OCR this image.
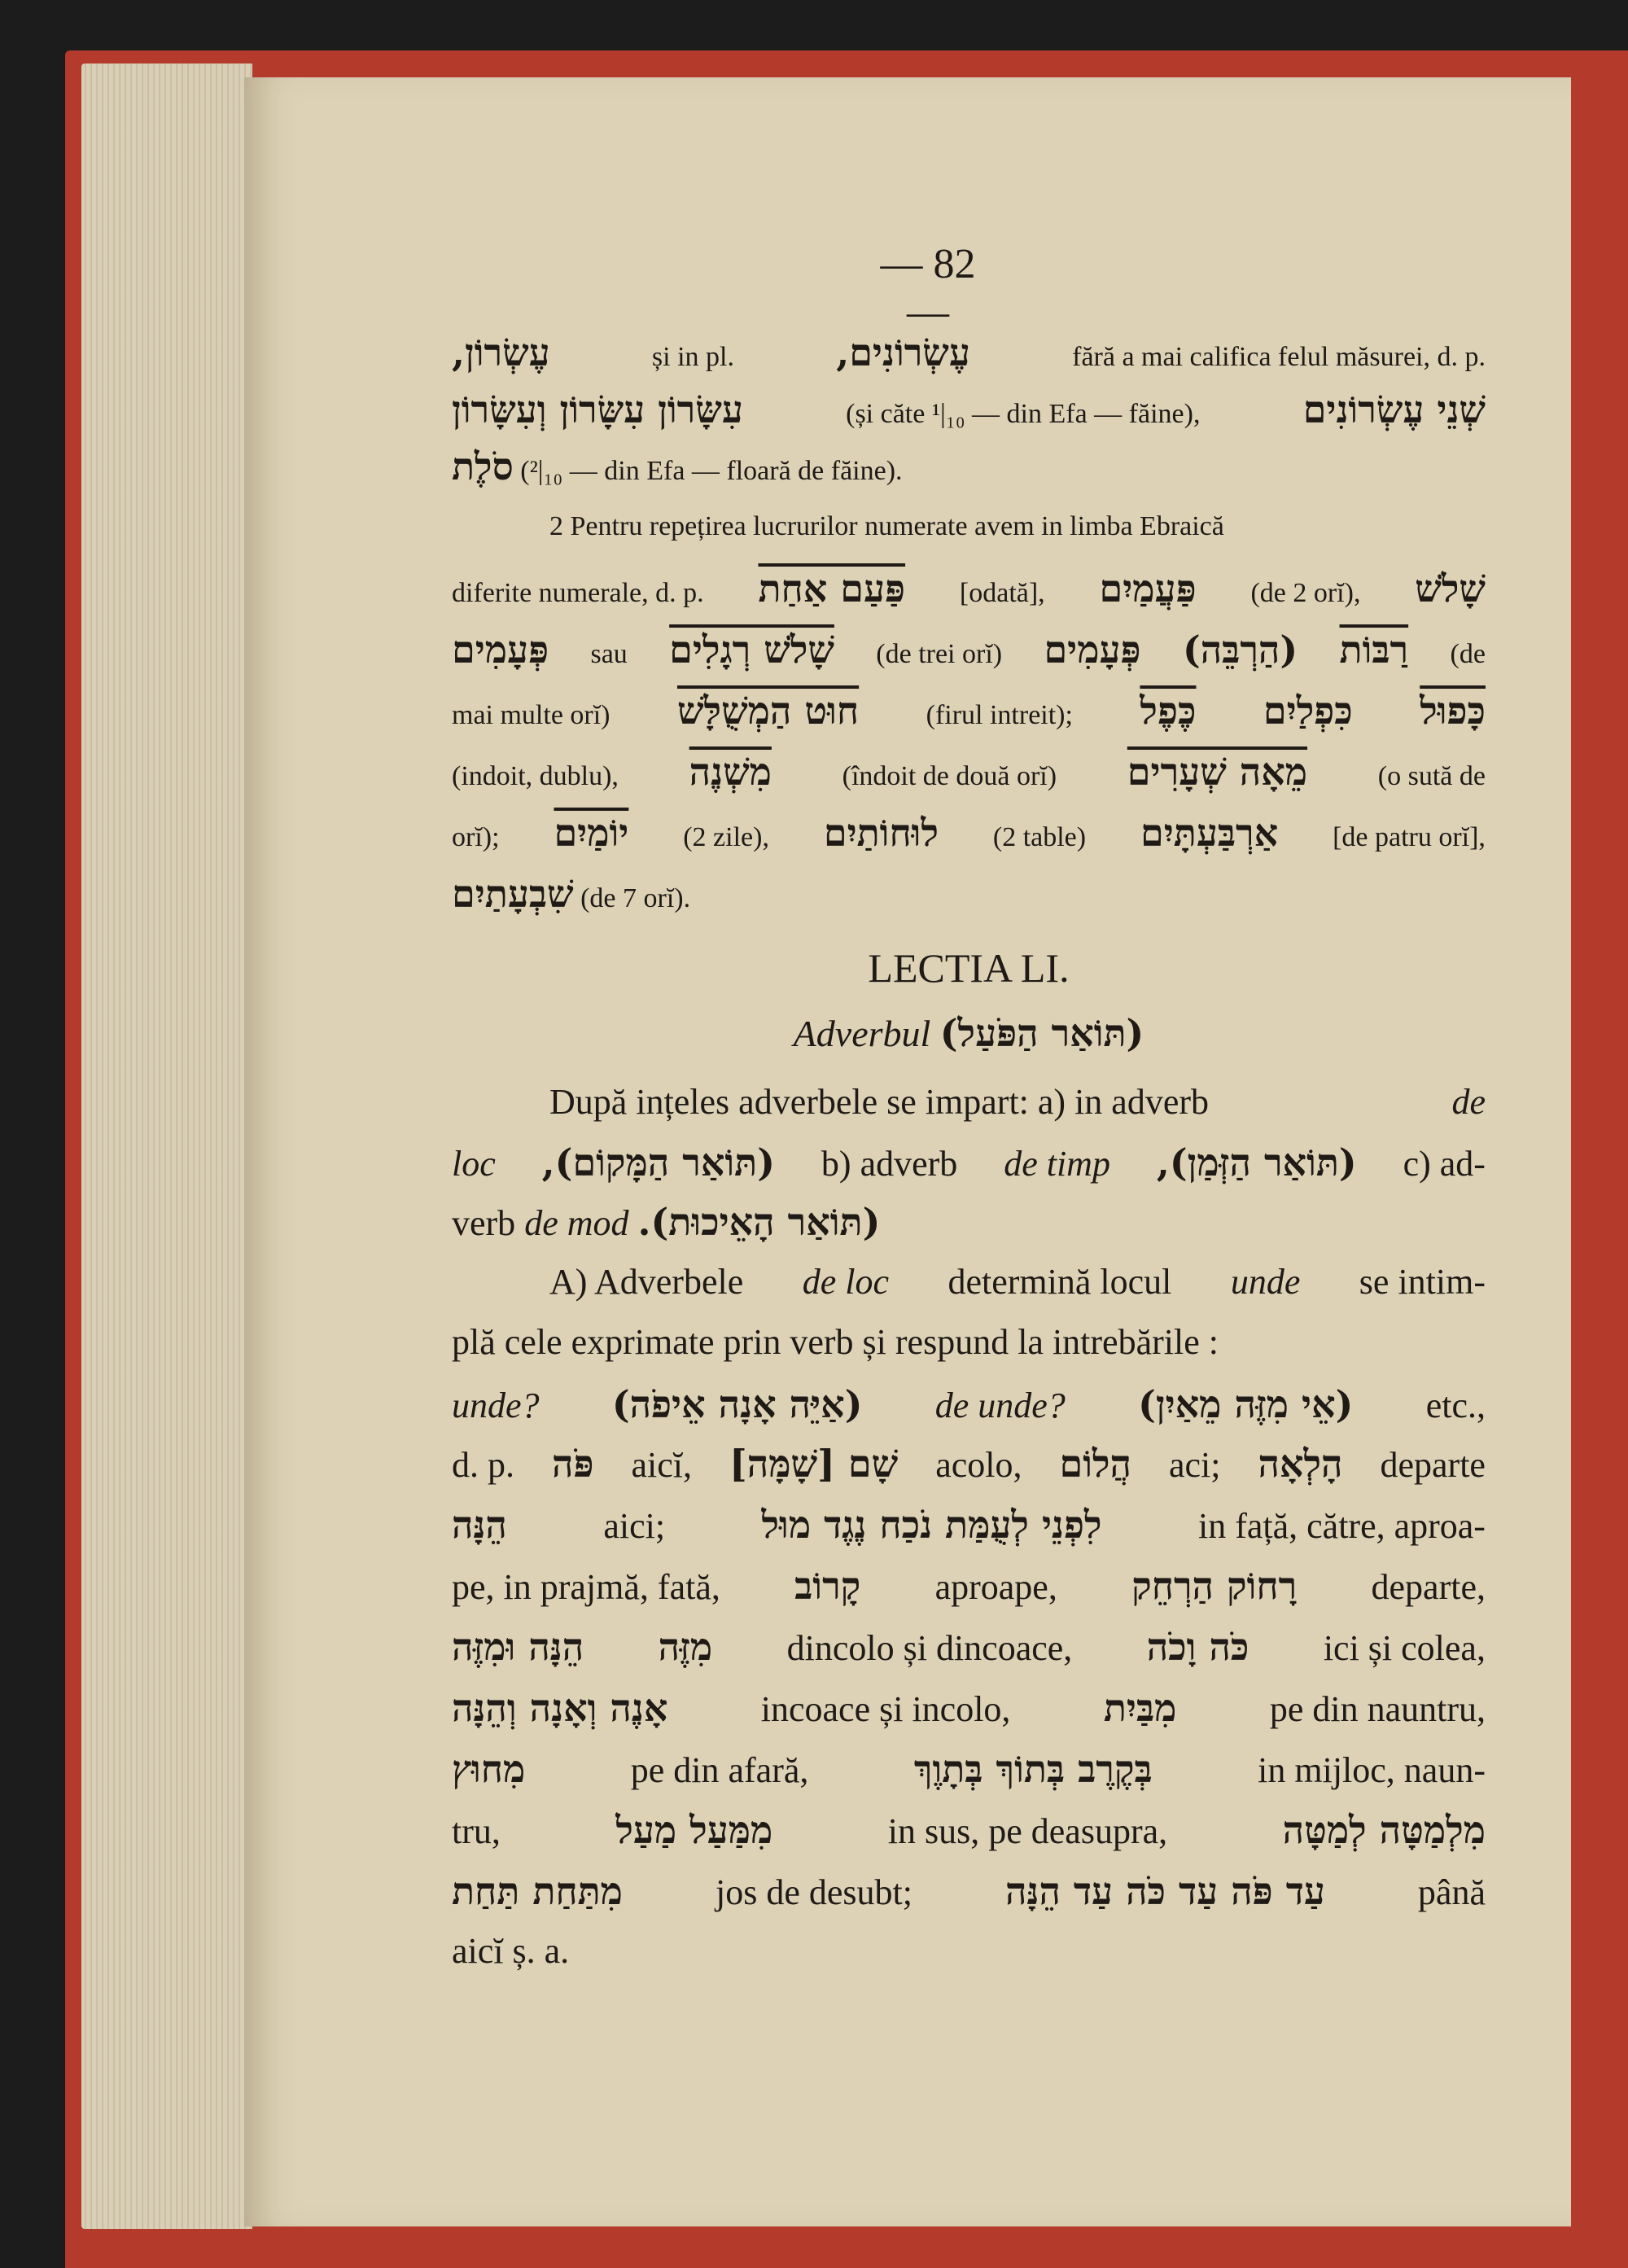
— 82 —
עֶשְׂרוֹן,	și in pl.	עֶשְׂרוֹנִים,	fără a mai califica felul măsurei, d. p.
עִשָּׂרוֹן עִשָּׂרוֹן וְעִשָּׂרוֹן	(și căte ¹|₁₀ — din Efa — făine),	שְׁנֵי עֶשְׂרוֹנִים
סֹלֶת (²|₁₀ — din Efa — floară de făine).
2 Pentru repețirea lucrurilor numerate avem in limba Ebraică
diferite numerale, d. p. פַּעַם אַחַת [odată], פַּעֲמַיִם (de 2 orĭ), שָׁלֹשׁ
פְּעָמִים sau שָׁלֹשׁ רְגָלִים (de trei orĭ) פְּעָמִים (הַרְבֵּה) רַבּוֹת (de
mai multe orĭ) חוּט הַמְשֻׁלָּשׁ (firul intreit); כֶּפֶל כִּפְלַיִם כָּפוּל
(indoit, dublu), מִשְׁנֶה	(îndoit de două orĭ) מֵאָה שְׁעָרִים	(o sută de
orĭ); יוֹמַיִם (2 zile), לוּחוֹתַיִם (2 table) אַרְבַּעְתָּיִם [de patru orĭ],
שִׁבְעָתַיִם (de 7 orĭ).
LECTIA LI.
Adverbul (תּוֹאַר הַפֹּעַל)
După ințeles adverbele se impart: a) in adverb	de
loc (תּוֹאַר הַמָּקוֹם), b) adverb de timp (תּוֹאַר הַזְּמַן), c) ad-
verb de mod (תּוֹאַר הָאֵיכוּת).
A) Adverbele de loc determină locul unde se intim-
plă cele exprimate prin verb și respund la intrebările :
unde? (אַיֵּה אָנָה אֵיפֹה) de unde? (אֵי מִזֶּה מֵאַיִן) etc.,
d. p. פֹּה aicĭ, שָׁם [שָׁמָּה] acolo, הֲלוֹם aci; הָלְאָה departe
הֵנָּה	aici;	לִפְנֵי לְעֻמַּת נֹכַח נֶגֶד מוּל	in față, către, aproa-
pe, in prajmă, fată, קָרוֹב aproape, רָחוֹק הַרְחֵק departe,
הֵנָּה וּמִזֶּה מִזֶּה dincolo și dincoace, כֹּה וָכֹה ici și colea,
אָנֶה וְאָנָה וְהֵנָּה	incoace și incolo, מִבַּיִת	pe din nauntru,
מִחוּץ	pe din afară,	בְּקֶרֶב בְּתוֹךְ בְּתָוֶךְ	in mijloc, naun-
tru,	מִמַּעַל מַעַל	in sus, pe deasupra,	מִלְמַטָּה לְמַטָּה
מִתַּחַת תַּחַת	jos de desubt; עַד פֹּה עַד כֹּה עַד הֵנָּה	până
aicĭ ș. a.
